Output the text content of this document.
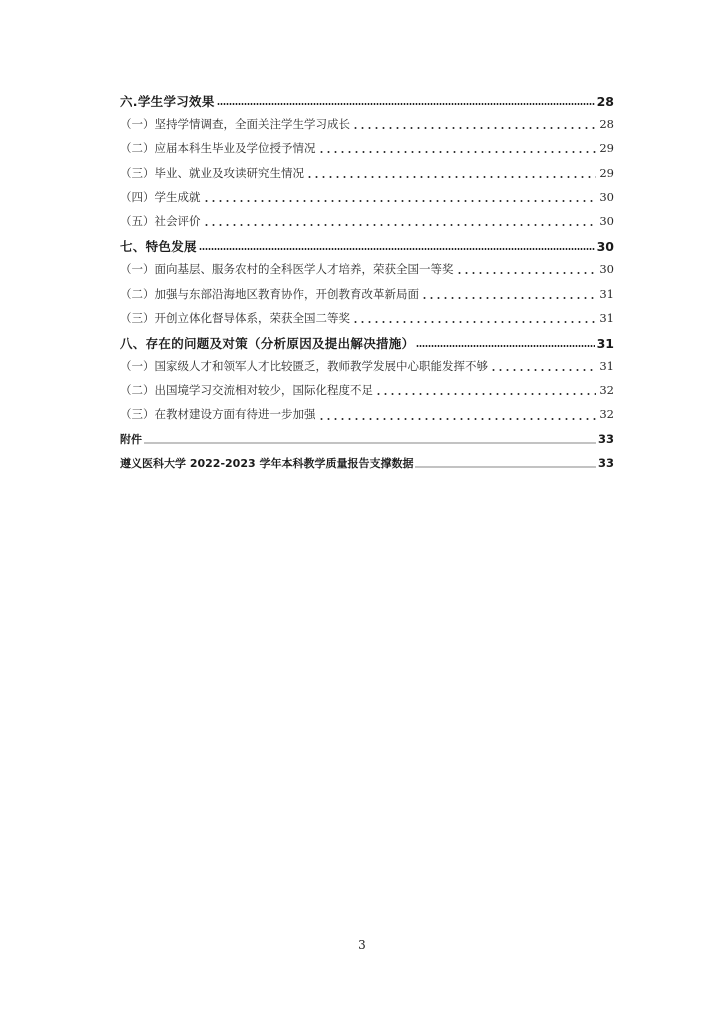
六.学生学习效果	28
（一）坚持学情调查，全面关注学生学习成长	28
（二）应届本科生毕业及学位授予情况	29
（三）毕业、就业及攻读研究生情况	29
（四）学生成就	30
（五）社会评价	30
七、特色发展	30
（一）面向基层、服务农村的全科医学人才培养，荣获全国一等奖	30
（二）加强与东部沿海地区教育协作，开创教育改革新局面	31
（三）开创立体化督导体系，荣获全国二等奖	31
八、存在的问题及对策（分析原因及提出解决措施）	31
（一）国家级人才和领军人才比较匮乏，教师教学发展中心职能发挥不够	31
（二）出国境学习交流相对较少，国际化程度不足	32
（三）在教材建设方面有待进一步加强	32
附件	33
遵义医科大学 2022-2023 学年本科教学质量报告支撑数据	33
3
